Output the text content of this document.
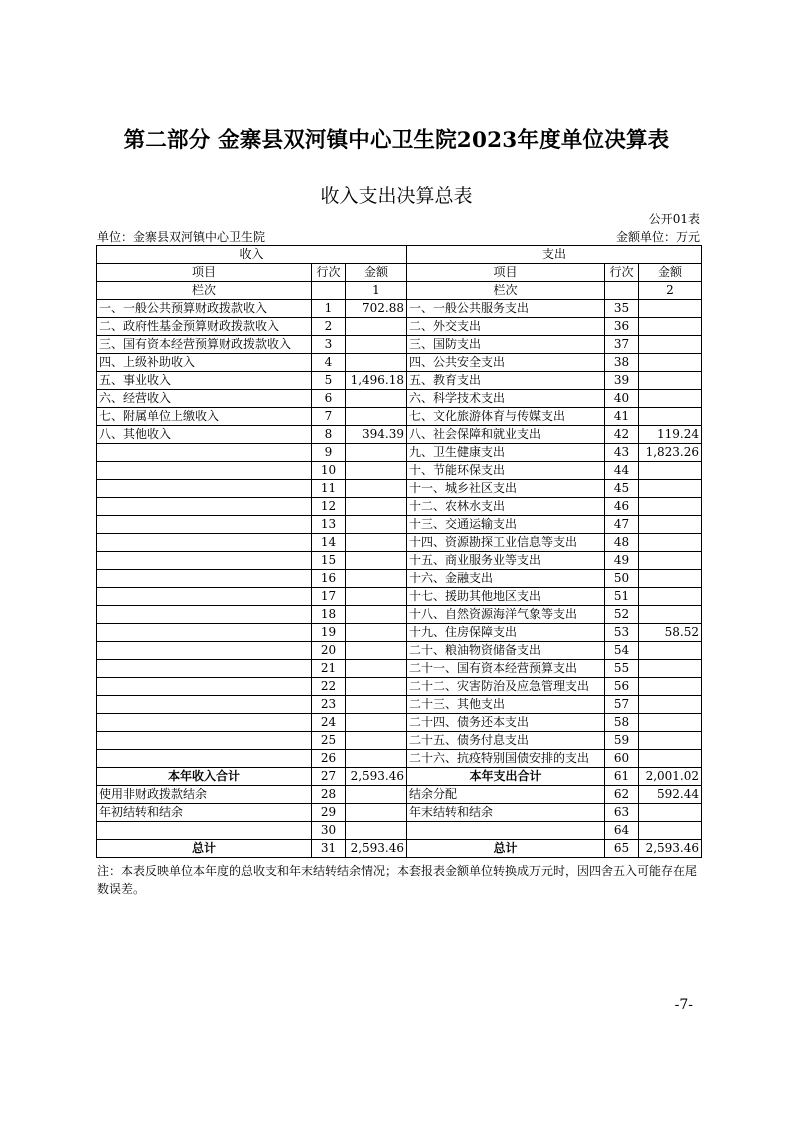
第二部分 金寨县双河镇中心卫生院2023年度单位决算表
收入支出决算总表
公开01表
单位：金寨县双河镇中心卫生院	金额单位：万元
收入			支出		
项目	行次	金额	项目	行次	金额
栏次		1	栏次		2
一、一般公共预算财政拨款收入	1	702.88	一、一般公共服务支出	35	
二、政府性基金预算财政拨款收入	2		二、外交支出	36	
三、国有资本经营预算财政拨款收入	3		三、国防支出	37	
四、上级补助收入	4		四、公共安全支出	38	
五、事业收入	5	1,496.18	五、教育支出	39	
六、经营收入	6		六、科学技术支出	40	
七、附属单位上缴收入	7		七、文化旅游体育与传媒支出	41	
八、其他收入	8	394.39	八、社会保障和就业支出	42	119.24
	9		九、卫生健康支出	43	1,823.26
	10		十、节能环保支出	44	
	11		十一、城乡社区支出	45	
	12		十二、农林水支出	46	
	13		十三、交通运输支出	47	
	14		十四、资源勘探工业信息等支出	48	
	15		十五、商业服务业等支出	49	
	16		十六、金融支出	50	
	17		十七、援助其他地区支出	51	
	18		十八、自然资源海洋气象等支出	52	
	19		十九、住房保障支出	53	58.52
	20		二十、粮油物资储备支出	54	
	21		二十一、国有资本经营预算支出	55	
	22		二十二、灾害防治及应急管理支出	56	
	23		二十三、其他支出	57	
	24		二十四、债务还本支出	58	
	25		二十五、债务付息支出	59	
	26		二十六、抗疫特别国债安排的支出	60	
本年收入合计	27	2,593.46	本年支出合计	61	2,001.02
使用非财政拨款结余	28		结余分配	62	592.44
年初结转和结余	29		年末结转和结余	63	
	30			64	
总计	31	2,593.46	总计	65	2,593.46
注：本表反映单位本年度的总收支和年末结转结余情况；本套报表金额单位转换成万元时，因四舍五入可能存在尾数误差。
-7-
